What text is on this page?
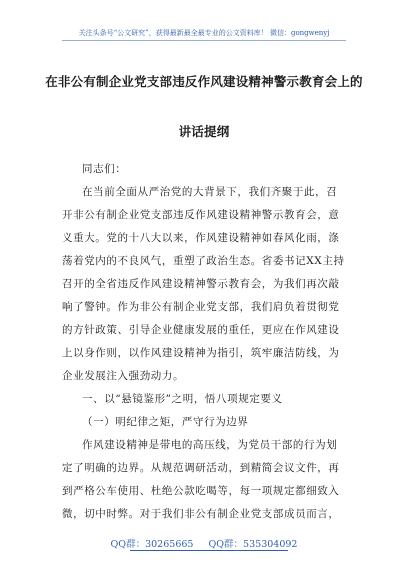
关注头条号“公文研究”，获得最新最全最专业的公文资料库！ 微信：gongwenyj
在非公有制企业党支部违反作风建设精神警示教育会上的
讲话提纲
同志们：
在当前全面从严治党的大背景下，我们齐聚于此，召
开非公有制企业党支部违反作风建设精神警示教育会，意
义重大。党的十八大以来，作风建设精神如春风化雨，涤
荡着党内的不良风气，重塑了政治生态。省委书记XX主持
召开的全省违反作风建设精神警示教育会，为我们再次敲
响了警钟。作为非公有制企业党支部，我们肩负着贯彻党
的方针政策、引导企业健康发展的重任，更应在作风建设
上以身作则，以作风建设精神为指引，筑牢廉洁防线，为
企业发展注入强劲动力。
一、以“悬镜鉴形”之明，悟八项规定要义
（一）明纪律之矩，严守行为边界
作风建设精神是带电的高压线，为党员干部的行为划
定了明确的边界。从规范调研活动，到精简会议文件，再
到严格公车使用、杜绝公款吃喝等，每一项规定都细致入
微，切中时弊。对于我们非公有制企业党支部成员而言，
QQ群：30265665 QQ群：535304092
